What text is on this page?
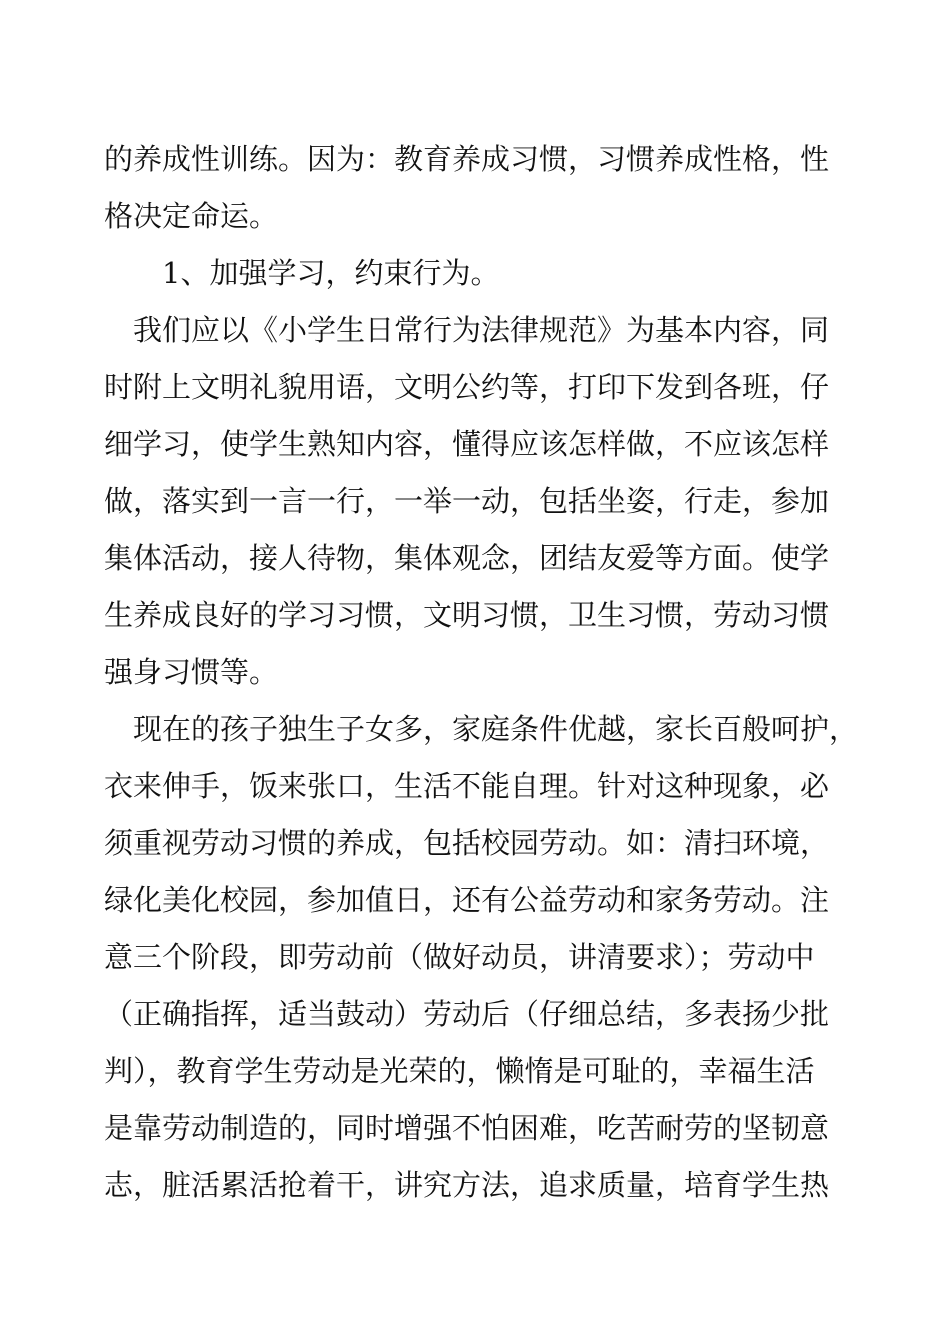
的养成性训练。因为：教育养成习惯，习惯养成性格，性

格决定命运。

1、加强学习，约束行为。

我们应以《小学生日常行为法律规范》为基本内容，同

时附上文明礼貌用语，文明公约等，打印下发到各班，仔

细学习，使学生熟知内容，懂得应该怎样做，不应该怎样

做，落实到一言一行，一举一动，包括坐姿，行走，参加

集体活动，接人待物，集体观念，团结友爱等方面。使学

生养成良好的学习习惯，文明习惯，卫生习惯，劳动习惯

强身习惯等。

现在的孩子独生子女多，家庭条件优越，家长百般呵护，

衣来伸手，饭来张口，生活不能自理。针对这种现象，必

须重视劳动习惯的养成，包括校园劳动。如：清扫环境，

绿化美化校园，参加值日，还有公益劳动和家务劳动。注

意三个阶段，即劳动前（做好动员，讲清要求）；劳动中

（正确指挥，适当鼓动）劳动后（仔细总结，多表扬少批

判），教育学生劳动是光荣的，懒惰是可耻的，幸福生活

是靠劳动制造的，同时增强不怕困难，吃苦耐劳的坚韧意

志，脏活累活抢着干，讲究方法，追求质量，培育学生热
